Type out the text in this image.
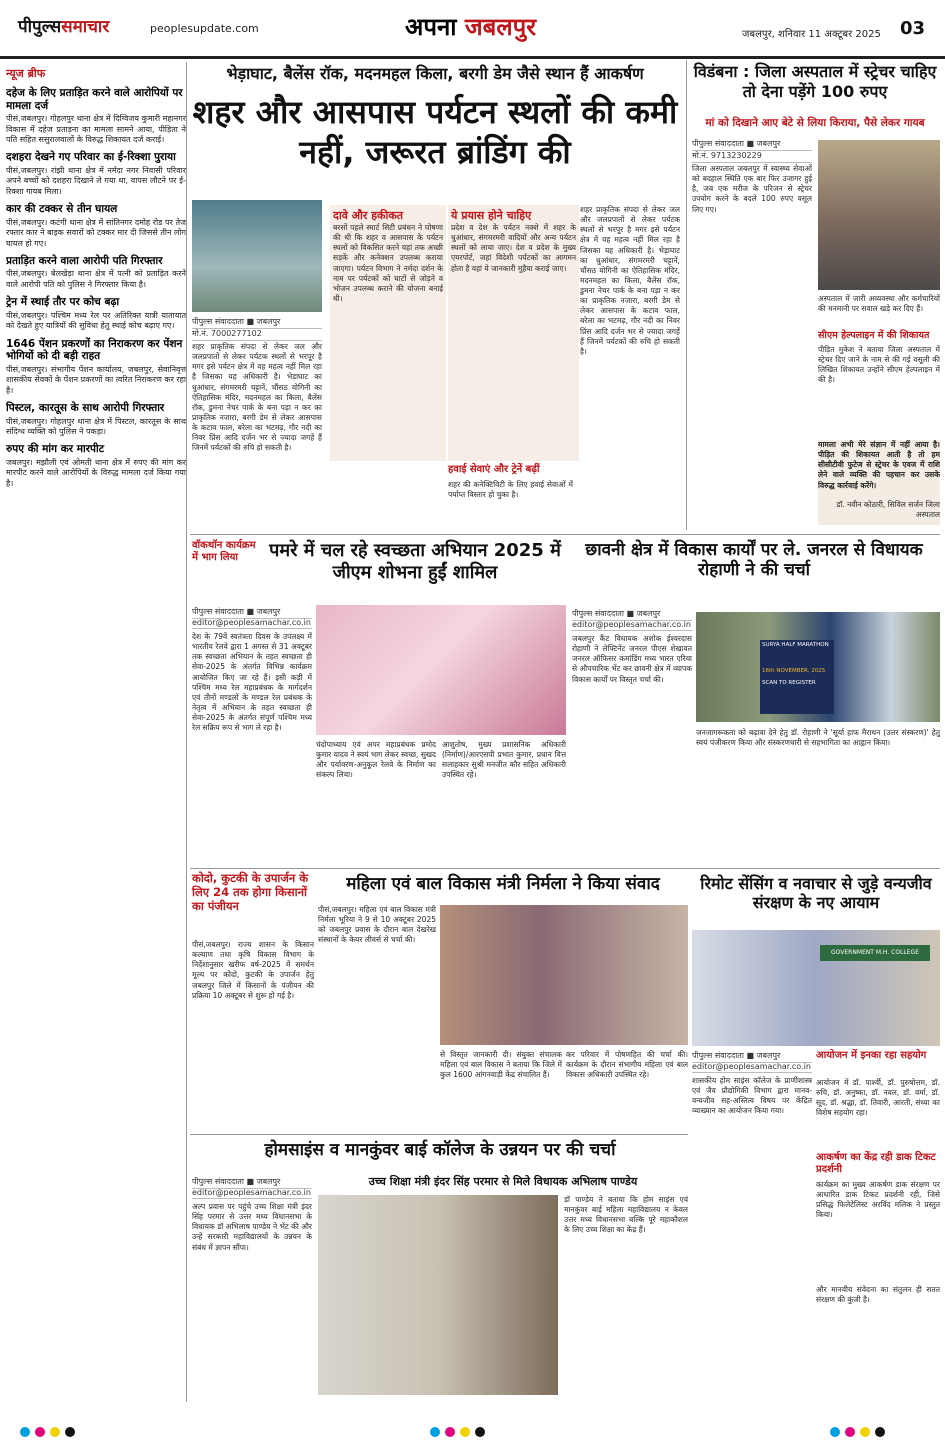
पीपुल्ससमाचार	peoplesupdate.com	अपना जबलपुर	जबलपुर, शनिवार 11 अक्टूबर 2025 03
न्यूज ब्रीफ
दहेज के लिए प्रताड़ित करने वाले आरोपियों पर मामला दर्ज

पीसं,जबलपुर। गोहलपुर थाना क्षेत्र में दिग्विजय कुमारी महानगर विकास में दहेज प्रताड़ना का मामला सामने आया, पीड़िता ने पति सहित ससुरालवालों के विरुद्ध शिकायत दर्ज कराई।

दशहरा देखने गए परिवार का ई-रिक्शा पुराया

पीसं,जबलपुर। रांझी थाना क्षेत्र में नर्मदा नगर निवासी परिवार अपने बच्चों को दशहरा दिखाने ले गया था, वापस लौटने पर ई-रिक्शा गायब मिला।

कार की टक्कर से तीन घायल

पीसं,जबलपुर। कटंगी थाना क्षेत्र में सांतिनगर दमोह रोड पर तेज रफ्तार कार ने बाइक सवारों को टक्कर मार दी जिससे तीन लोग घायल हो गए।

प्रताड़ित करने वाला आरोपी पति गिरफ्तार

पीसं,जबलपुर। बेलखेड़ा थाना क्षेत्र में पत्नी को प्रताड़ित करने वाले आरोपी पति को पुलिस ने गिरफ्तार किया है।

ट्रेन में स्थाई तौर पर कोच बढ़ा

पीसं,जबलपुर। पश्चिम मध्य रेल पर अतिरिक्त यात्री यातायात को देखते हुए यात्रियों की सुविधा हेतु स्थाई कोच बढ़ाए गए।

1646 पेंशन प्रकरणों का निराकरण कर पेंशन भोगियों को दी बड़ी राहत

पीसं,जबलपुर। संभागीय पेंशन कार्यालय, जबलपुर, सेवानिवृत्त शासकीय सेवकों के पेंशन प्रकरणों का त्वरित निराकरण कर रहा है।

पिस्टल, कारतूस के साथ आरोपी गिरफ्तार

पीसं,जबलपुर। गोहलपुर थाना क्षेत्र में पिस्टल, कारतूस के साथ संदिग्ध व्यक्ति को पुलिस ने पकड़ा।

रुपए की मांग कर मारपीट

जबलपुर। मझौली एवं ओमती थाना क्षेत्र में रुपए की मांग कर मारपीट करने वाले आरोपियों के विरुद्ध मामला दर्ज किया गया है।

भेड़ाघाट, बैलेंस रॉक, मदनमहल किला, बरगी डेम जैसे स्थान हैं आकर्षण
शहर और आसपास पर्यटन स्थलों की कमी नहीं, जरूरत ब्रांडिंग की
पीपुल्स संवाददाता ■ जबलपुर
मो.नं. 7000277102
शहर प्राकृतिक संपदा से लेकर जल और जलप्रपातों से लेकर पर्यटक स्थलों से भरपूर है मगर इसे पर्यटन क्षेत्र में वह महत्व नहीं मिल रहा है जिसका यह अधिकारी है। भेड़ाघाट का धुआंधार, संगमरमरी चट्टानें, चौंसठ योगिनी का ऐतिहासिक मंदिर, मदनमहल का किला, बैलेंस रॉक, डुमना नेचर पार्क के बना पड़ा न कर का प्राकृतिक नजारा, बरगी डेम से लेकर आसपास के कटाव फाल, बरेला का भटमढ़, गौर नदी का निवर प्रिंस आदि दर्जन भर से ज्यादा जगहें हैं जिनमें पर्यटकों की रुचि हो सकती है।
दावे और हकीकत
बरसों पहले स्मार्ट सिटी प्रबंधन ने घोषणा की थी कि शहर व आसपास के पर्यटन स्थलों को विकसित करने यहां तक अच्छी सड़कें और कनेक्शन उपलब्ध कराया जाएगा। पर्यटन विभाग ने नर्मदा दर्शन के नाम पर पर्यटकों को घाटों से जोड़ने व भोजन उपलब्ध कराने की योजना बनाई थी।
ये प्रयास होने चाहिए
प्रदेश व देश के पर्यटन नक्शे में शहर के धुआंधार, संगमरमरी वादियों और अन्य पर्यटन स्थलों को लाया जाए। देश व प्रदेश के मुख्य एयरपोर्ट, जहां विदेशी पर्यटकों का आगमन होता है वहां ये जानकारी मुहैया कराई जाए।
हवाई सेवाएं और ट्रेनें बढ़ीं
शहर की कनेक्टिविटी के लिए हवाई सेवाओं में पर्याप्त विस्तार हो चुका है।
शहर प्राकृतिक संपदा से लेकर जल और जलप्रपातों से लेकर पर्यटक स्थलों से भरपूर है मगर इसे पर्यटन क्षेत्र में वह महत्व नहीं मिल रहा है जिसका यह अधिकारी है। भेड़ाघाट का धुआंधार, संगमरमरी चट्टानें, चौंसठ योगिनी का ऐतिहासिक मंदिर, मदनमहल का किला, बैलेंस रॉक, डुमना नेचर पार्क के बना पड़ा न कर का प्राकृतिक नजारा, बरगी डेम से लेकर आसपास के कटाव फाल, बरेला का भटमढ़, गौर नदी का निवर प्रिंस आदि दर्जन भर से ज्यादा जगहें हैं जिनमें पर्यटकों की रुचि हो सकती है।
विडंबना : जिला अस्पताल में स्ट्रेचर चाहिए तो देना पड़ेंगे 100 रुपए
मां को दिखाने आए बेटे से लिया किराया, पैसे लेकर गायब
पीपुल्स संवाददाता ■ जबलपुर
मो.नं. 9713230229
जिला अस्पताल जबलपुर में स्वास्थ्य सेवाओं को बदहाल स्थिति एक बार फिर उजागर हुई है, जब एक मरीज के परिजन से स्ट्रेचर उपयोग करने के बदले 100 रुपए वसूल लिए गए।
अस्पताल में जारी अव्यवस्था और कर्मचारियों की मनमानी पर सवाल खड़े कर दिए हैं।
सीएम हेल्पलाइन में की शिकायत
पीड़ित मुकेश ने बताया जिला अस्पताल में स्ट्रेचर दिए जाने के नाम से की गई वसूली की लिखित शिकायत उन्होंने सीएम हेल्पलाइन में की है।
मामला अभी मेरे संज्ञान में नहीं आया है। पीड़ित की शिकायत आती है तो हम सीसीटीवी फुटेज से स्ट्रेचर के एवज में राशि लेने वाले व्यक्ति की पहचान कर उसके विरुद्ध कार्रवाई करेंगे।
डॉ. नवीन कोठारी, सिविल सर्जन जिला अस्पताल
वॉकथॉन कार्यक्रम में भाग लिया	पमरे में चल रहे स्वच्छता अभियान 2025 में जीएम शोभना हुईं शामिल
पीपुल्स संवाददाता ■ जबलपुर
editor@peoplesamachar.co.in
देश के 79वें स्वतंत्रता दिवस के उपलक्ष्य में भारतीय रेलवे द्वारा 1 अगस्त से 31 अक्टूबर तक स्वच्छता अभियान के तहत स्वच्छता ही सेवा-2025 के अंतर्गत विभिन्न कार्यक्रम आयोजित किए जा रहे हैं। इसी कड़ी में पश्चिम मध्य रेल महाप्रबंधक के मार्गदर्शन एवं तीनों मण्डलों के मण्डल रेल प्रबंधक के नेतृत्व में अभियान के तहत स्वच्छता ही सेवा-2025 के अंतर्गत संपूर्ण पश्चिम मध्य रेल सक्रिय रूप से भाग ले रहा है।
चंदोपाध्याय एवं अपर महाप्रबंधक प्रमोद कुमार यादव ने स्वयं भाग लेकर स्वच्छ, सुखद और पर्यावरण-अनुकूल रेलवे के निर्माण का संकल्प लिया।
आशुतोष, मुख्य प्रशासनिक अधिकारी (निर्माण)/आरएसपी प्रभात कुमार, प्रधान वित्त सलाहकार सुश्री मनजीत कौर सहित अधिकारी उपस्थित रहे।
छावनी क्षेत्र में विकास कार्यों पर ले. जनरल से विधायक रोहाणी ने की चर्चा
पीपुल्स संवाददाता ■ जबलपुर
editor@peoplesamachar.co.in
जबलपुर कैंट विधायक अशोक ईश्वरदास रोहाणी ने लेफ्टिनेंट जनरल पीएस शेखावत जनरल ऑफिसर कमांडिंग मध्य भारत एरिया से औपचारिक भेंट कर छावनी क्षेत्र में व्यापक विकास कार्यों पर विस्तृत चर्चा की।
SURYA HALF MARATHON
16th NOVEMBER, 2025
SCAN TO REGISTER
जनजागरूकता को बढ़ावा देने हेतु डॉ. रोहाणी ने 'सूर्या हाफ मैराथन (उत्तर संस्करण)' हेतु स्वयं पंजीकरण किया और संस्करणधारी से सहभागिता का आह्वान किया।
कोदो, कुटकी के उपार्जन के लिए 24 तक होगा किसानों का पंजीयन
पीसं,जबलपुर। राज्य शासन के किसान कल्याण तथा कृषि विकास विभाग के निर्देशानुसार खरीफ वर्ष-2025 में समर्थन मूल्य पर कोदो, कुटकी के उपार्जन हेतु जबलपुर जिले में किसानों के पंजीयन की प्रक्रिया 10 अक्टूबर से शुरू हो गई है।
महिला एवं बाल विकास मंत्री निर्मला ने किया संवाद
पीसं,जबलपुर। महिला एवं बाल विकास मंत्री निर्मला भूरिया ने 9 से 10 अक्टूबर 2025 को जबलपुर प्रवास के दौरान बाल देखरेख संस्थानों के केयर लीवर्स से चर्चा की।
से विस्तृत जानकारी दी। संयुक्त संचालक महिला एवं बाल विकास ने बताया कि जिले में कुल 1600 आंगनवाड़ी केंद्र संचालित हैं।
कर परिवार में पोषणहित की चर्चा की। कार्यक्रम के दौरान संभागीय महिला एवं बाल विकास अधिकारी उपस्थित रहे।
रिमोट सेंसिंग व नवाचार से जुड़े वन्यजीव संरक्षण के नए आयाम
GOVERNMENT M.H. COLLEGE
पीपुल्स संवाददाता ■ जबलपुर
editor@peoplesamachar.co.in
शासकीय होम साइंस कॉलेज के प्राणीशास्त्र एवं जैव प्रौद्योगिकी विभाग द्वारा मानव-वन्यजीव सह-अस्तित्व विषय पर केंद्रित व्याख्यान का आयोजन किया गया।
आयोजन में इनका रहा सहयोग
आयोजन में डॉ. पार्श्वी, डॉ. पुरुषोत्तम, डॉ. रुचि, डॉ. अनुष्का, डॉ. नवल, डॉ. वर्मा, डॉ. सूद, डॉ. श्रद्धा, डॉ. तिवारी, आरती, संध्या का विशेष सहयोग रहा।
आकर्षण का केंद्र रही डाक टिकट प्रदर्शनी
कार्यक्रम का मुख्य आकर्षण डाक संरक्षण पर आधारित डाक टिकट प्रदर्शनी रही, जिसे प्रसिद्ध फिलेटेलिस्ट अरविंद मलिक ने प्रस्तुत किया।
और मानवीय संवेदना का संतुलन ही सतत संरक्षण की कुंजी है।
होमसाइंस व मानकुंवर बाई कॉलेज के उन्नयन पर की चर्चा
उच्च शिक्षा मंत्री इंदर सिंह परमार से मिले विधायक अभिलाष पाण्डेय
पीपुल्स संवाददाता ■ जबलपुर
editor@peoplesamachar.co.in
अल्प प्रवास पर पहुंचे उच्च शिक्षा मंत्री इंदर सिंह परमार से उत्तर मध्य विधानसभा के विधायक डॉ अभिलाष पाण्डेय ने भेंट की और उन्हें सरकारी महाविद्यालयों के उन्नयन के संबंध में ज्ञापन सौंपा।
डॉ पाण्डेय ने बताया कि होम साइंस एवं मानकुंवर बाई महिला महाविद्यालय न केवल उत्तर मध्य विधानसभा बल्कि पूरे महाकौशल के लिए उच्च शिक्षा का केंद्र हैं।
